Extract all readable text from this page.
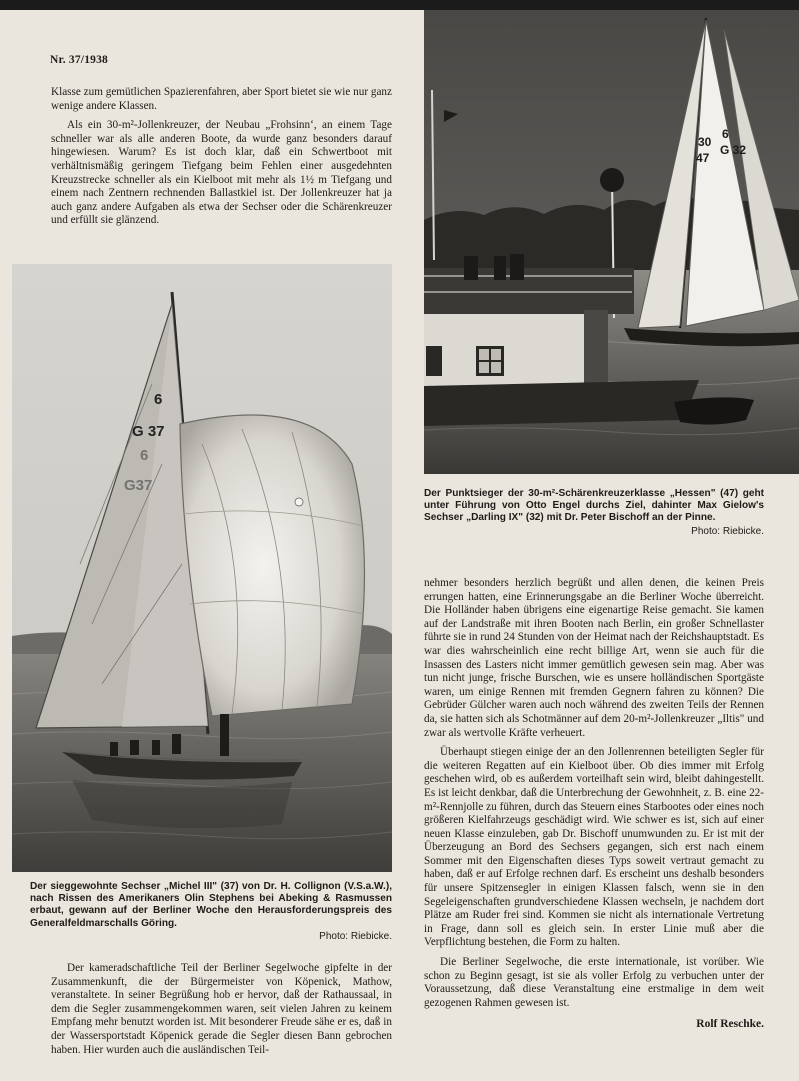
Nr. 37/1938

Klasse zum gemütlichen Spazierenfahren, aber Sport bietet sie wie nur ganz wenige andere Klassen.

Als ein 30-m²-Jollenkreuzer, der Neubau „Frohsinn‘, an einem Tage schneller war als alle anderen Boote, da wurde ganz besonders darauf hingewiesen. Warum? Es ist doch klar, daß ein Schwertboot mit verhältnismäßig geringem Tiefgang beim Fehlen einer ausgedehnten Kreuzstrecke schneller als ein Kielboot mit mehr als 1½ m Tiefgang und einem nach Zentnern rechnenden Ballastkiel ist. Der Jollenkreuzer hat ja auch ganz andere Aufgaben als etwa der Sechser oder die Schärenkreuzer und erfüllt sie glänzend.

6
G 37
6
G37
Der sieggewohnte Sechser „Michel III" (37) von Dr. H. Collignon (V.S.a.W.), nach Rissen des Amerikaners Olin Stephens bei Abeking & Rasmussen erbaut, gewann auf der Berliner Woche den Herausforderungspreis des Generalfeldmarschalls Göring.
Photo: Riebicke.
30
6
47
G 32
Der Punktsieger der 30-m²-Schärenkreuzerklasse „Hessen" (47) geht unter Führung von Otto Engel durchs Ziel, dahinter Max Gielow's Sechser „Darling IX" (32) mit Dr. Peter Bischoff an der Pinne.
Photo: Riebicke.

Der kameradschaftliche Teil der Berliner Segelwoche gipfelte in der Zusammenkunft, die der Bürgermeister von Köpenick, Mathow, veranstaltete. In seiner Begrüßung hob er hervor, daß der Rathaussaal, in dem die Segler zusammengekommen waren, seit vielen Jahren zu keinem Empfang mehr benutzt worden ist. Mit besonderer Freude sähe er es, daß in der Wassersportstadt Köpenick gerade die Segler diesen Bann gebrochen haben. Hier wurden auch die ausländischen Teil-

nehmer besonders herzlich begrüßt und allen denen, die keinen Preis errungen hatten, eine Erinnerungsgabe an die Berliner Woche überreicht. Die Holländer haben übrigens eine eigenartige Reise gemacht. Sie kamen auf der Landstraße mit ihren Booten nach Berlin, ein großer Schnellaster führte sie in rund 24 Stunden von der Heimat nach der Reichshauptstadt. Es war dies wahrscheinlich eine recht billige Art, wenn sie auch für die Insassen des Lasters nicht immer gemütlich gewesen sein mag. Aber was tun nicht junge, frische Burschen, wie es unsere holländischen Sportgäste waren, um einige Rennen mit fremden Gegnern fahren zu können? Die Gebrüder Gülcher waren auch noch während des zweiten Teils der Rennen da, sie hatten sich als Schotmänner auf dem 20-m²-Jollenkreuzer „Iltis" und zwar als wertvolle Kräfte verheuert.

Überhaupt stiegen einige der an den Jollenrennen beteiligten Segler für die weiteren Regatten auf ein Kielboot über. Ob dies immer mit Erfolg geschehen wird, ob es außerdem vorteilhaft sein wird, bleibt dahingestellt. Es ist leicht denkbar, daß die Unterbrechung der Gewohnheit, z. B. eine 22-m²-Rennjolle zu führen, durch das Steuern eines Starbootes oder eines noch größeren Kielfahrzeugs geschädigt wird. Wie schwer es ist, sich auf einer neuen Klasse einzuleben, gab Dr. Bischoff unumwunden zu. Er ist mit der Überzeugung an Bord des Sechsers gegangen, sich erst nach einem Sommer mit den Eigenschaften dieses Typs soweit vertraut gemacht zu haben, daß er auf Erfolge rechnen darf. Es erscheint uns deshalb besonders für unsere Spitzensegler in einigen Klassen falsch, wenn sie in den Segeleigenschaften grundverschiedene Klassen wechseln, je nachdem dort Plätze am Ruder frei sind. Kommen sie nicht als internationale Vertretung in Frage, dann soll es gleich sein. In erster Linie muß aber die Verpflichtung bestehen, die Form zu halten.

Die Berliner Segelwoche, die erste internationale, ist vorüber. Wie schon zu Beginn gesagt, ist sie als voller Erfolg zu verbuchen unter der Voraussetzung, daß diese Veranstaltung eine erstmalige in dem weit gezogenen Rahmen gewesen ist.

Rolf Reschke.
